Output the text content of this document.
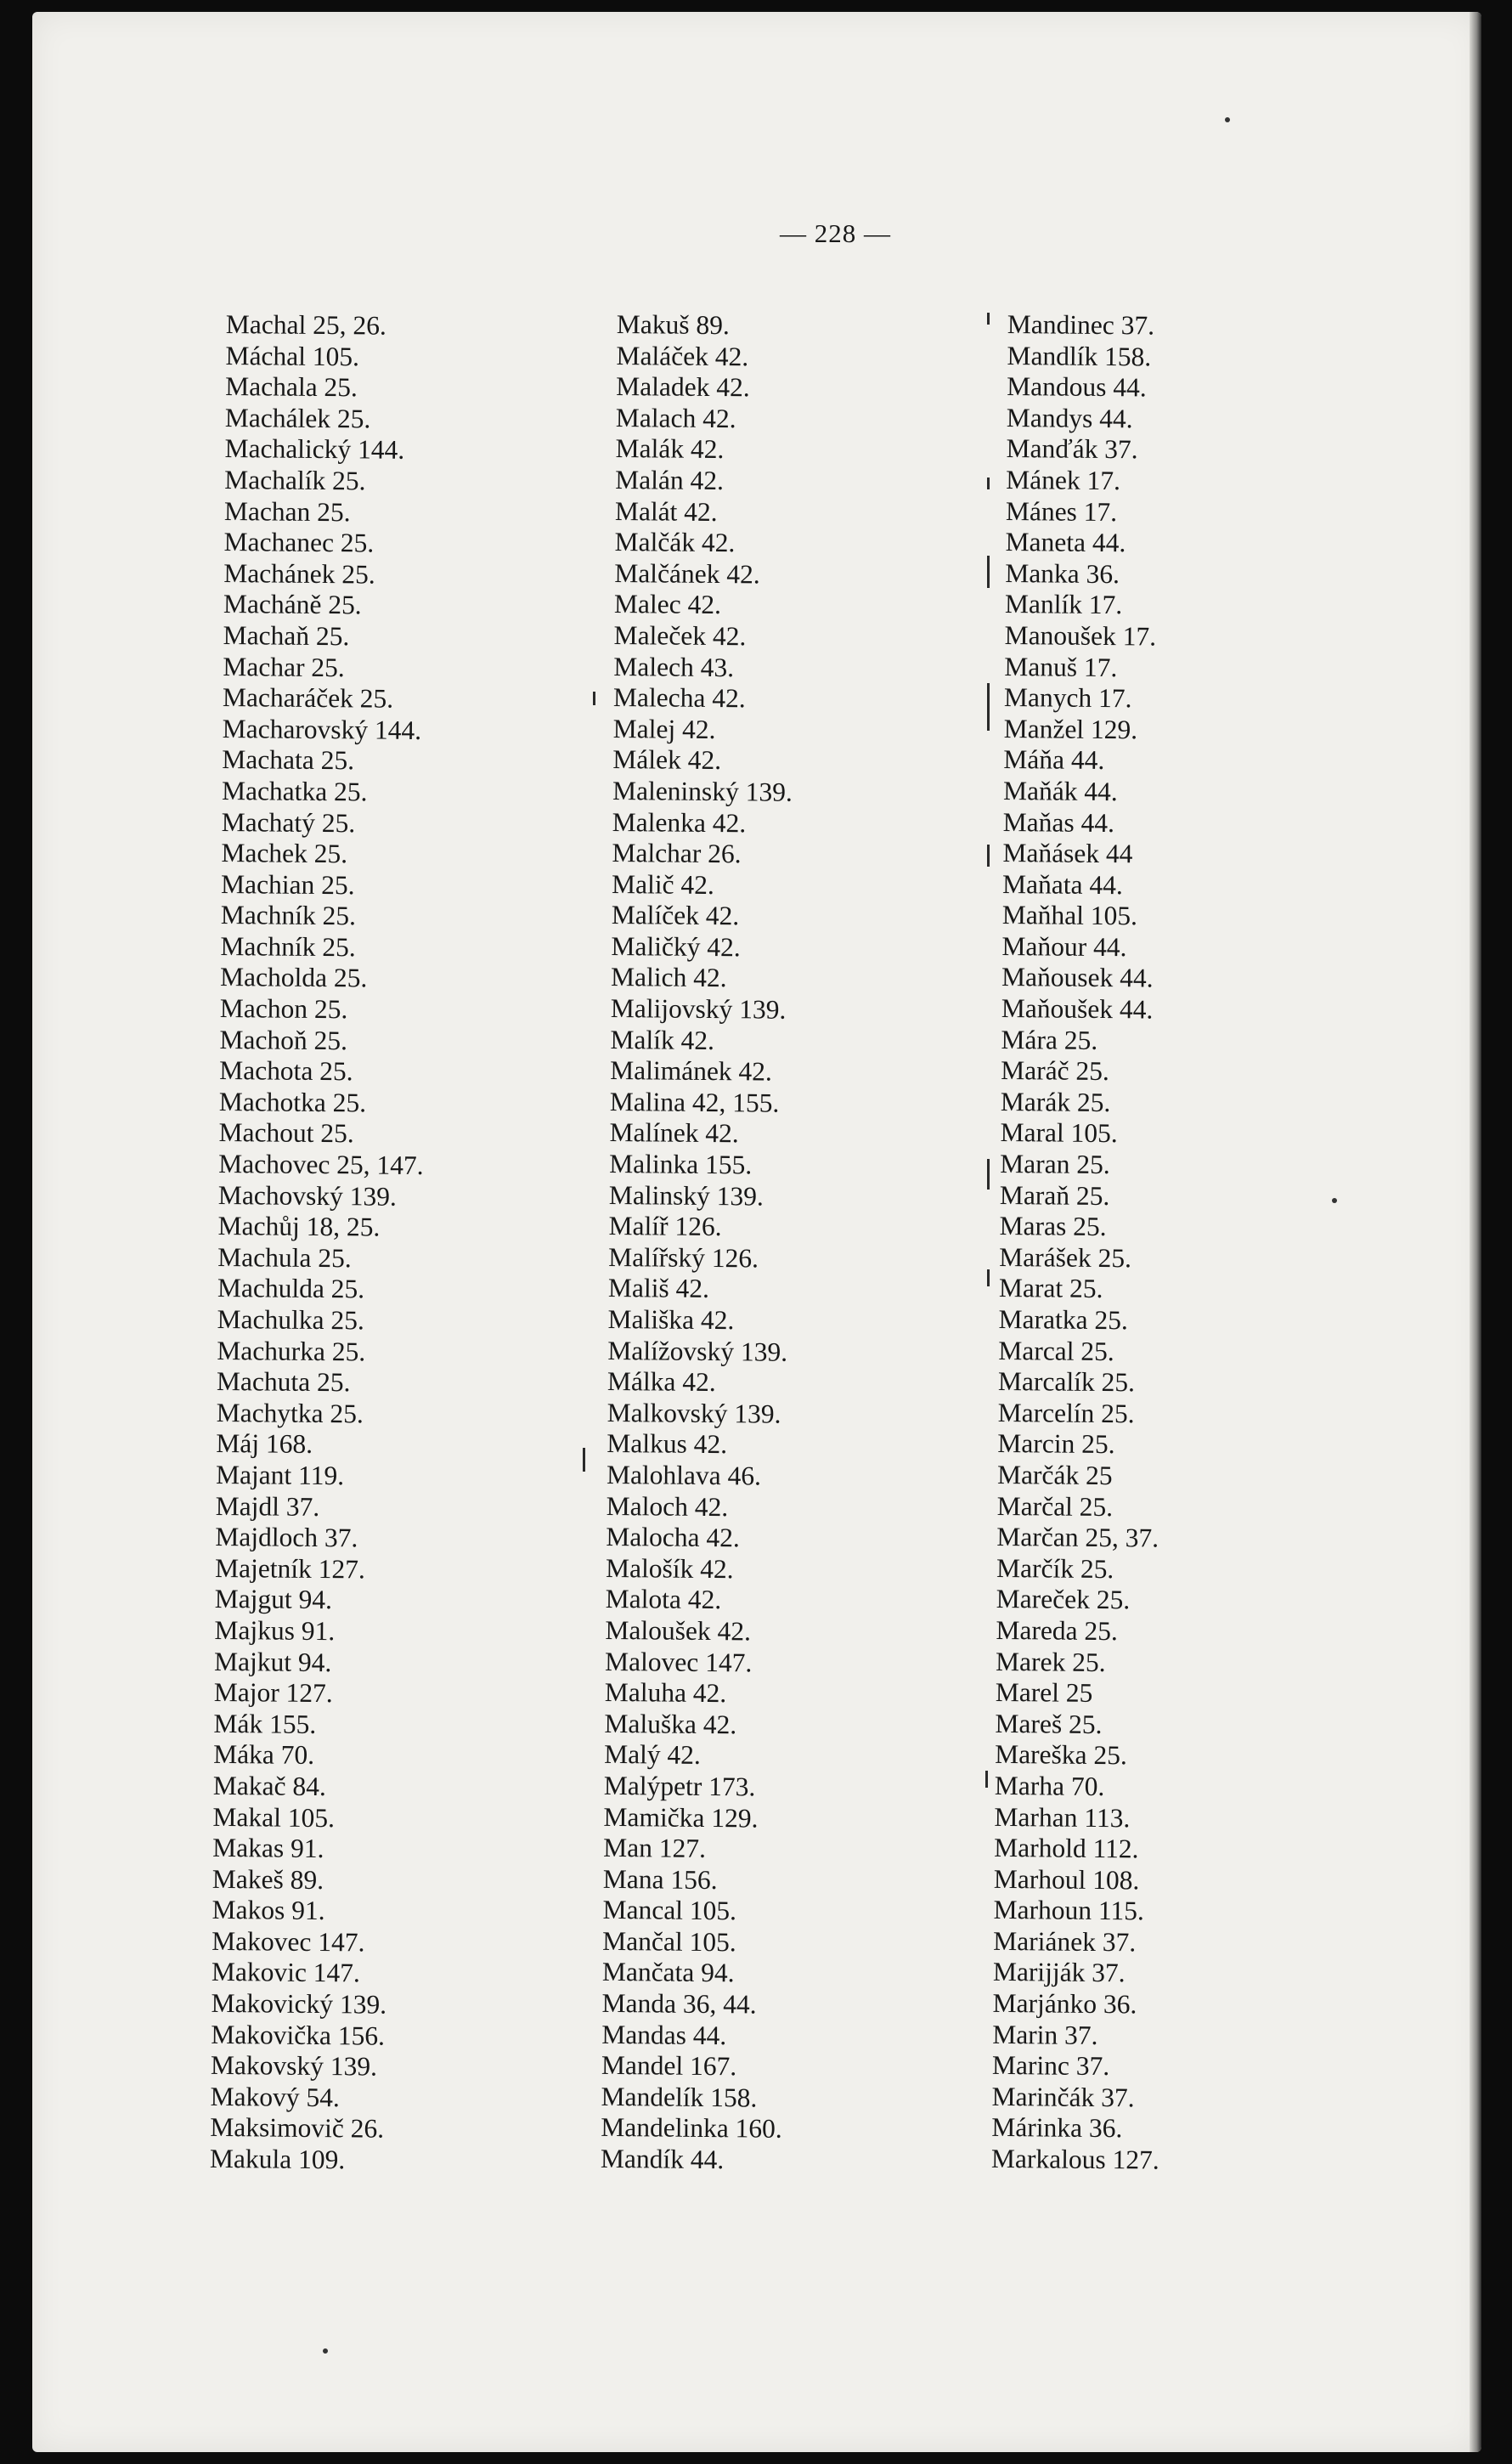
— 228 —
Machal 25, 26.
Máchal 105.
Machala 25.
Machálek 25.
Machalický 144.
Machalík 25.
Machan 25.
Machanec 25.
Machánek 25.
Macháně 25.
Machaň 25.
Machar 25.
Macharáček 25.
Macharovský 144.
Machata 25.
Machatka 25.
Machatý 25.
Machek 25.
Machian 25.
Machník 25.
Machník 25.
Macholda 25.
Machon 25.
Machoň 25.
Machota 25.
Machotka 25.
Machout 25.
Machovec 25, 147.
Machovský 139.
Machůj 18, 25.
Machula 25.
Machulda 25.
Machulka 25.
Machurka 25.
Machuta 25.
Machytka 25.
Máj 168.
Majant 119.
Majdl 37.
Majdloch 37.
Majetník 127.
Majgut 94.
Majkus 91.
Majkut 94.
Major 127.
Mák 155.
Máka 70.
Makač 84.
Makal 105.
Makas 91.
Makeš 89.
Makos 91.
Makovec 147.
Makovic 147.
Makovický 139.
Makovička 156.
Makovský 139.
Makový 54.
Maksimovič 26.
Makula 109.
Makuš 89.
Maláček 42.
Maladek 42.
Malach 42.
Malák 42.
Malán 42.
Malát 42.
Malčák 42.
Malčánek 42.
Malec 42.
Maleček 42.
Malech 43.
Malecha 42.
Malej 42.
Málek 42.
Maleninský 139.
Malenka 42.
Malchar 26.
Malič 42.
Malíček 42.
Maličký 42.
Malich 42.
Malijovský 139.
Malík 42.
Malimánek 42.
Malina 42, 155.
Malínek 42.
Malinka 155.
Malinský 139.
Malíř 126.
Malířský 126.
Mališ 42.
Mališka 42.
Malížovský 139.
Málka 42.
Malkovský 139.
Malkus 42.
Malohlava 46.
Maloch 42.
Malocha 42.
Malošík 42.
Malota 42.
Maloušek 42.
Malovec 147.
Maluha 42.
Maluška 42.
Malý 42.
Malýpetr 173.
Mamička 129.
Man 127.
Mana 156.
Mancal 105.
Mančal 105.
Mančata 94.
Manda 36, 44.
Mandas 44.
Mandel 167.
Mandelík 158.
Mandelinka 160.
Mandík 44.
Mandinec 37.
Mandlík 158.
Mandous 44.
Mandys 44.
Manďák 37.
Mánek 17.
Mánes 17.
Maneta 44.
Manka 36.
Manlík 17.
Manoušek 17.
Manuš 17.
Manych 17.
Manžel 129.
Máňa 44.
Maňák 44.
Maňas 44.
Maňásek 44
Maňata 44.
Maňhal 105.
Maňour 44.
Maňousek 44.
Maňoušek 44.
Mára 25.
Maráč 25.
Marák 25.
Maral 105.
Maran 25.
Maraň 25.
Maras 25.
Marášek 25.
Marat 25.
Maratka 25.
Marcal 25.
Marcalík 25.
Marcelín 25.
Marcin 25.
Marčák 25
Marčal 25.
Marčan 25, 37.
Marčík 25.
Mareček 25.
Mareda 25.
Marek 25.
Marel 25
Mareš 25.
Mareška 25.
Marha 70.
Marhan 113.
Marhold 112.
Marhoul 108.
Marhoun 115.
Mariánek 37.
Marijják 37.
Marjánko 36.
Marin 37.
Marinc 37.
Marinčák 37.
Márinka 36.
Markalous 127.
